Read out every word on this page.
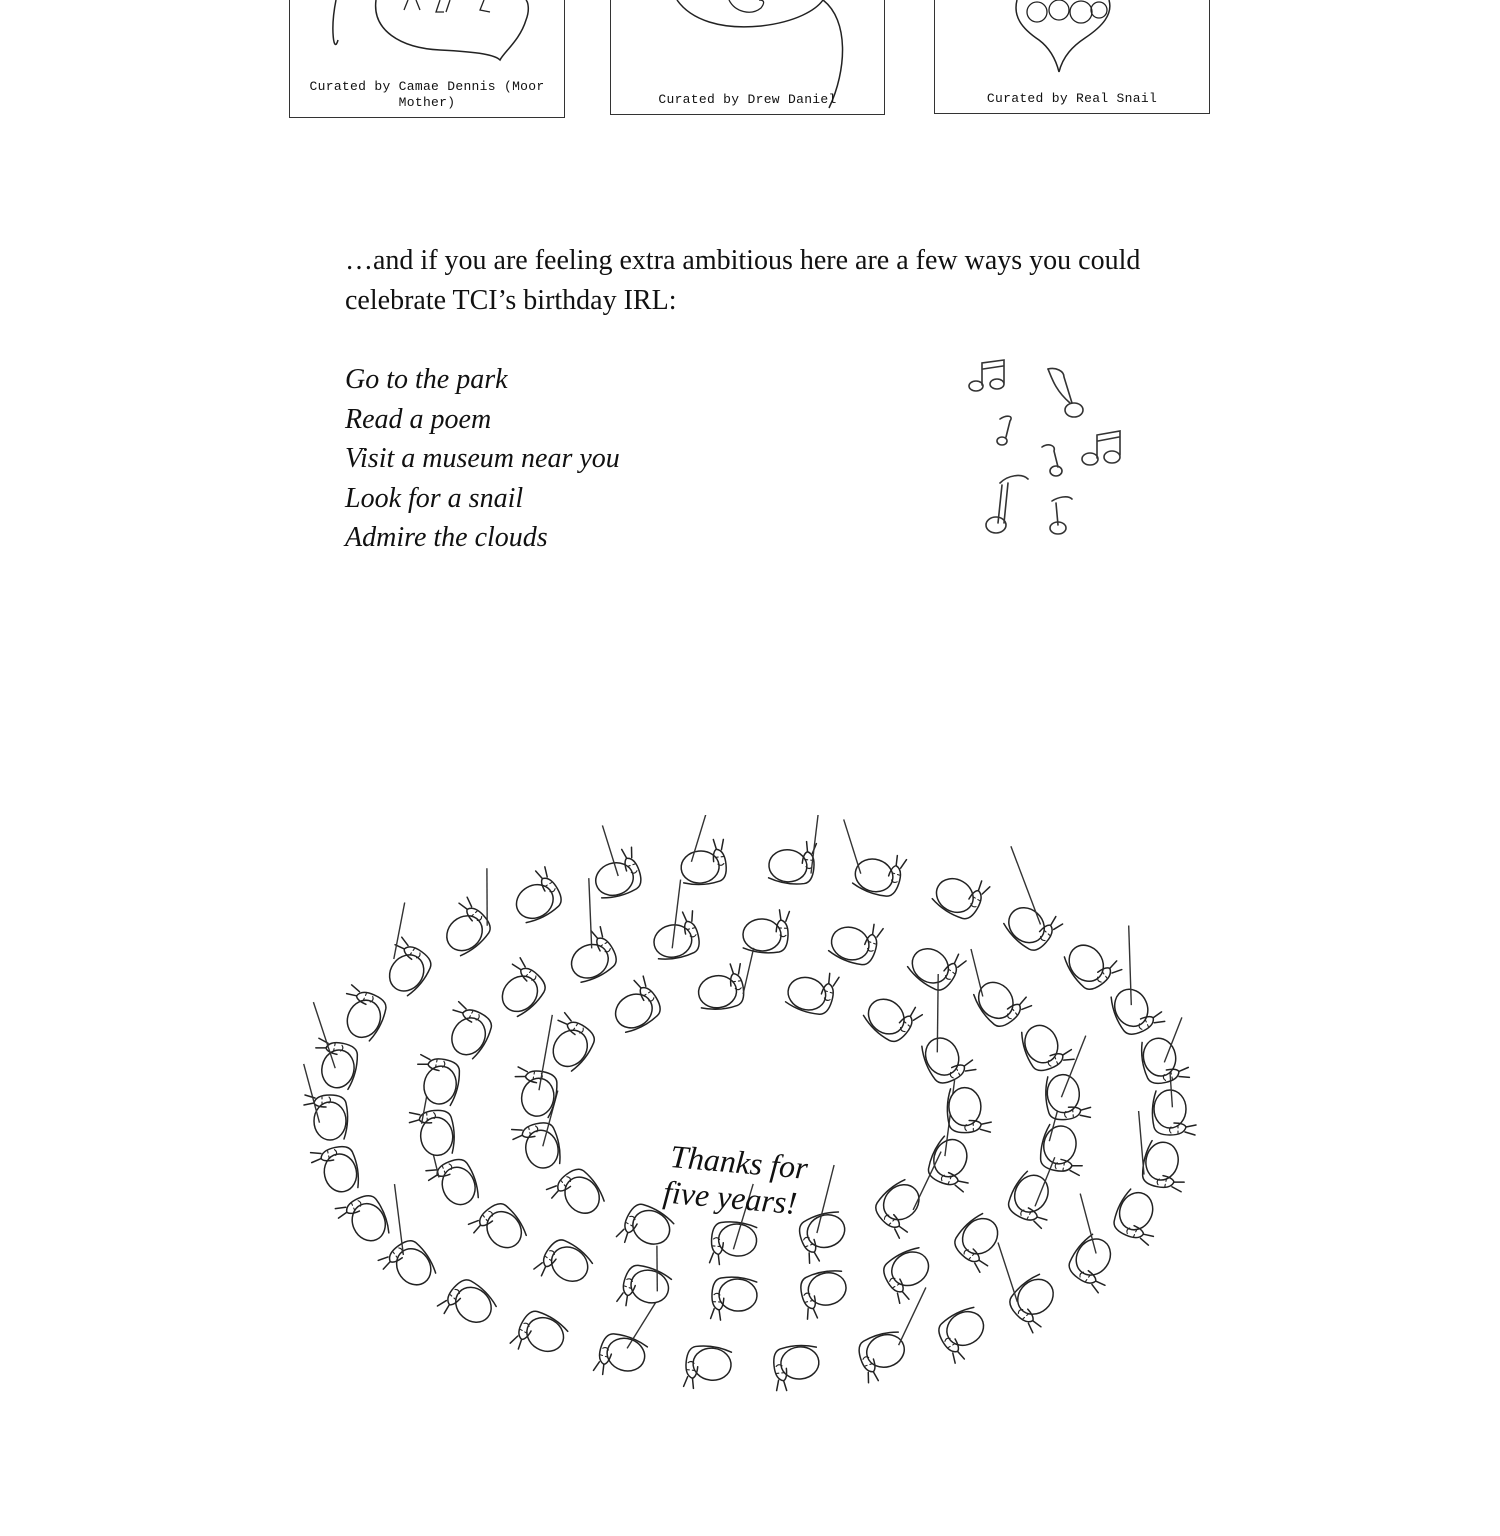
Curated by Camae Dennis (Moor Mother)	Curated by Drew Daniel	Curated by Real Snail

…and if you are feeling extra ambitious here are a few ways you could celebrate TCI’s birthday IRL:

Go to the park
Read a poem
Visit a museum near you
Look for a snail
Admire the clouds
Thanks for
five years!
